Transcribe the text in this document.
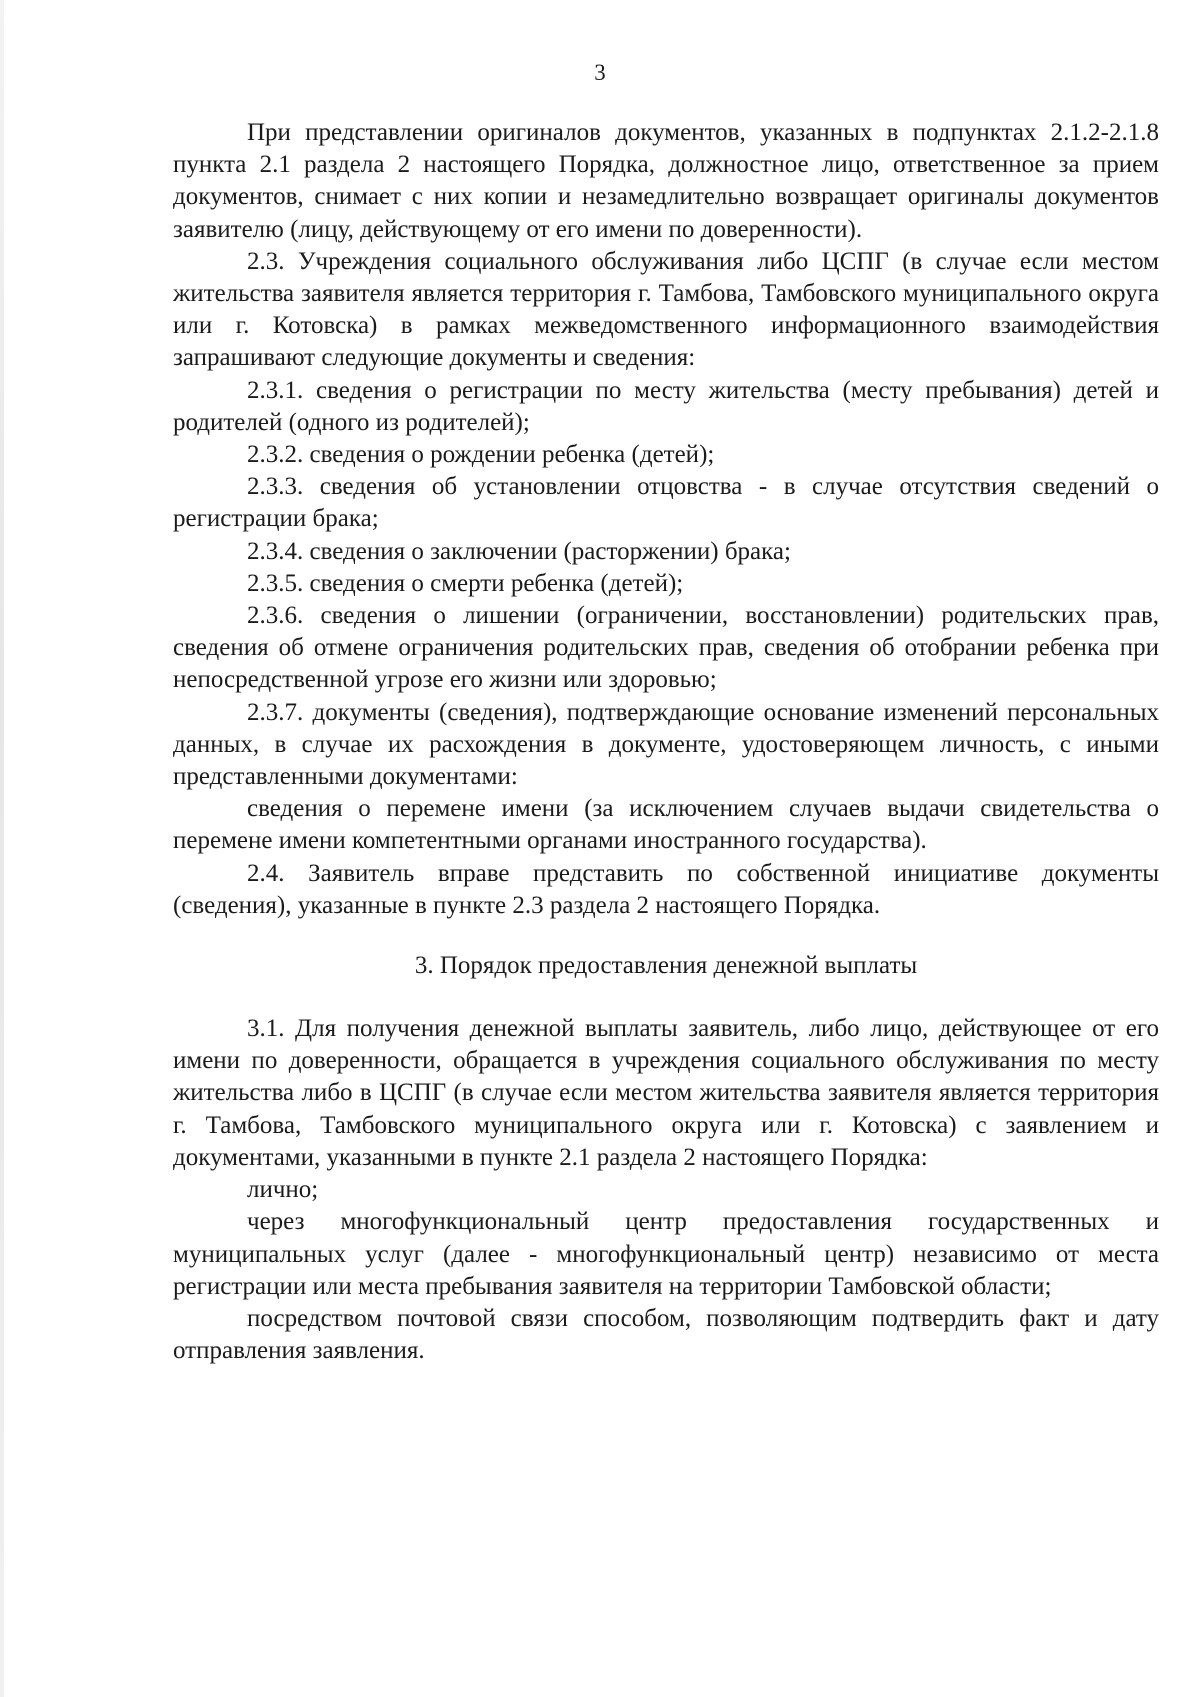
3

При представлении оригиналов документов, указанных в подпунктах 2.1.2-2.1.8 пункта 2.1 раздела 2 настоящего Порядка, должностное лицо, ответственное за прием документов, снимает с них копии и незамедлительно возвращает оригиналы документов заявителю (лицу, действующему от его имени по доверенности).

2.3. Учреждения социального обслуживания либо ЦСПГ (в случае если местом жительства заявителя является территория г. Тамбова, Тамбовского муниципального округа или г. Котовска) в рамках межведомственного информационного взаимодействия запрашивают следующие документы и сведения:

2.3.1. сведения о регистрации по месту жительства (месту пребывания) детей и родителей (одного из родителей);

2.3.2. сведения о рождении ребенка (детей);

2.3.3. сведения об установлении отцовства - в случае отсутствия сведений о регистрации брака;

2.3.4. сведения о заключении (расторжении) брака;

2.3.5. сведения о смерти ребенка (детей);

2.3.6. сведения о лишении (ограничении, восстановлении) родительских прав, сведения об отмене ограничения родительских прав, сведения об отобрании ребенка при непосредственной угрозе его жизни или здоровью;

2.3.7. документы (сведения), подтверждающие основание изменений персональных данных, в случае их расхождения в документе, удостоверяющем личность, с иными представленными документами:

сведения о перемене имени (за исключением случаев выдачи свидетельства о перемене имени компетентными органами иностранного государства).

2.4. Заявитель вправе представить по собственной инициативе документы (сведения), указанные в пункте 2.3 раздела 2 настоящего Порядка.

3. Порядок предоставления денежной выплаты

3.1. Для получения денежной выплаты заявитель, либо лицо, действующее от его имени по доверенности, обращается в учреждения социального обслуживания по месту жительства либо в ЦСПГ (в случае если местом жительства заявителя является территория г. Тамбова, Тамбовского муниципального округа или г. Котовска) с заявлением и документами, указанными в пункте 2.1 раздела 2 настоящего Порядка:

лично;

через многофункциональный центр предоставления государственных и муниципальных услуг (далее - многофункциональный центр) независимо от места регистрации или места пребывания заявителя на территории Тамбовской области;

посредством почтовой связи способом, позволяющим подтвердить факт и дату отправления заявления.
